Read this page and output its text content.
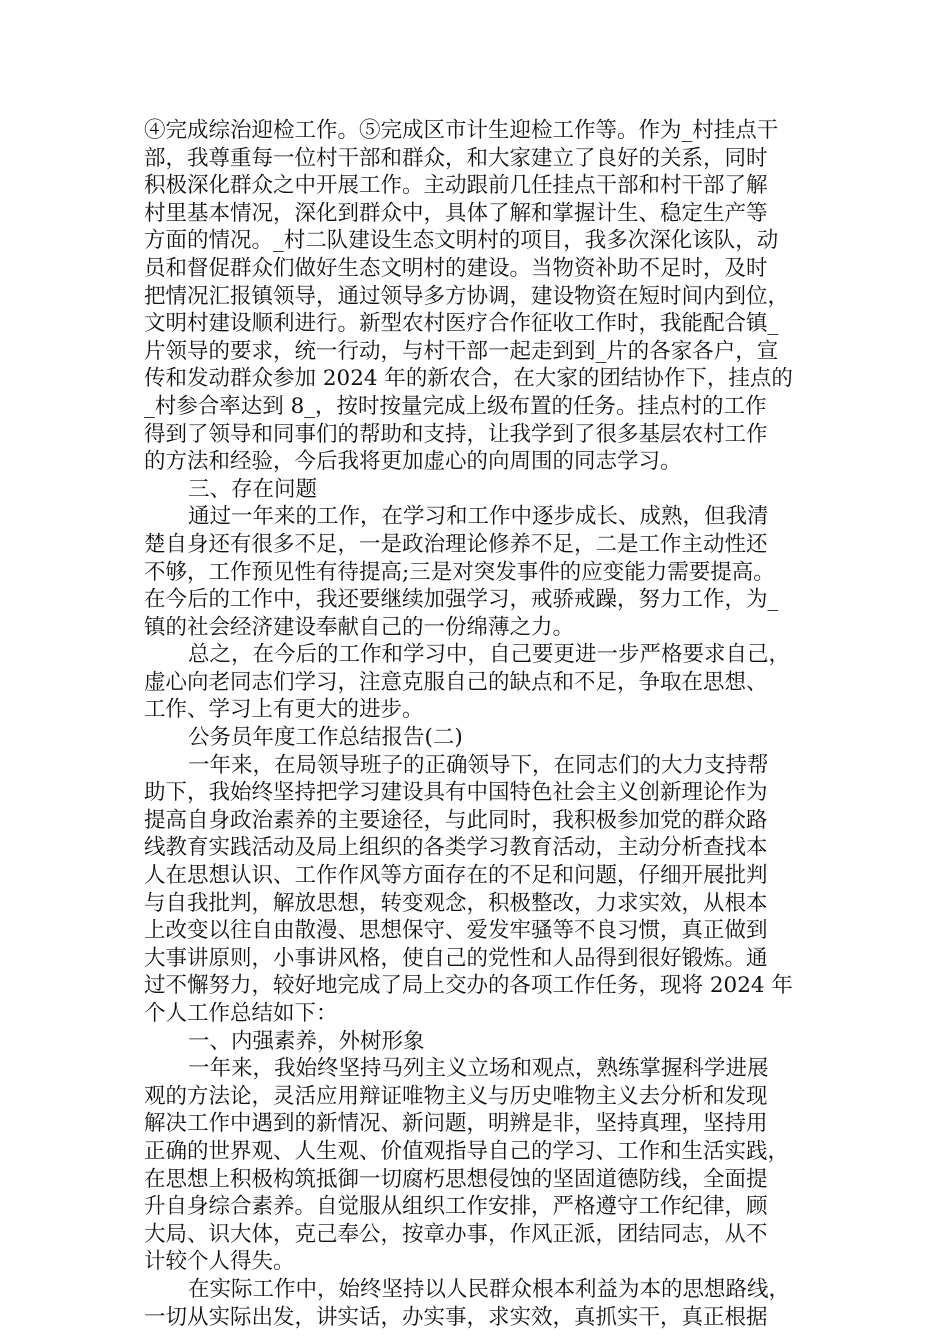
④完成综治迎检工作。⑤完成区市计生迎检工作等。作为_村挂点干
部，我尊重每一位村干部和群众，和大家建立了良好的关系，同时
积极深化群众之中开展工作。主动跟前几任挂点干部和村干部了解
村里基本情况，深化到群众中，具体了解和掌握计生、稳定生产等
方面的情况。_村二队建设生态文明村的项目，我多次深化该队，动
员和督促群众们做好生态文明村的建设。当物资补助不足时，及时
把情况汇报镇领导，通过领导多方协调，建设物资在短时间内到位，
文明村建设顺利进行。新型农村医疗合作征收工作时，我能配合镇_
片领导的要求，统一行动，与村干部一起走到到_片的各家各户，宣
传和发动群众参加 2024 年的新农合，在大家的团结协作下，挂点的
_村参合率达到 8_，按时按量完成上级布置的任务。挂点村的工作
得到了领导和同事们的帮助和支持，让我学到了很多基层农村工作
的方法和经验，今后我将更加虚心的向周围的同志学习。
三、存在问题
通过一年来的工作，在学习和工作中逐步成长、成熟，但我清
楚自身还有很多不足，一是政治理论修养不足，二是工作主动性还
不够，工作预见性有待提高;三是对突发事件的应变能力需要提高。
在今后的工作中，我还要继续加强学习，戒骄戒躁，努力工作，为_
镇的社会经济建设奉献自己的一份绵薄之力。
总之，在今后的工作和学习中，自己要更进一步严格要求自己，
虚心向老同志们学习，注意克服自己的缺点和不足，争取在思想、
工作、学习上有更大的进步。
公务员年度工作总结报告(二)
一年来，在局领导班子的正确领导下，在同志们的大力支持帮
助下，我始终坚持把学习建设具有中国特色社会主义创新理论作为
提高自身政治素养的主要途径，与此同时，我积极参加党的群众路
线教育实践活动及局上组织的各类学习教育活动，主动分析查找本
人在思想认识、工作作风等方面存在的不足和问题，仔细开展批判
与自我批判，解放思想，转变观念，积极整改，力求实效，从根本
上改变以往自由散漫、思想保守、爱发牢骚等不良习惯，真正做到
大事讲原则，小事讲风格，使自己的党性和人品得到很好锻炼。通
过不懈努力，较好地完成了局上交办的各项工作任务，现将 2024 年
个人工作总结如下：
一、内强素养，外树形象
一年来，我始终坚持马列主义立场和观点，熟练掌握科学进展
观的方法论，灵活应用辩证唯物主义与历史唯物主义去分析和发现
解决工作中遇到的新情况、新问题，明辨是非，坚持真理，坚持用
正确的世界观、人生观、价值观指导自己的学习、工作和生活实践，
在思想上积极构筑抵御一切腐朽思想侵蚀的坚固道德防线，全面提
升自身综合素养。自觉服从组织工作安排，严格遵守工作纪律，顾
大局、识大体，克己奉公，按章办事，作风正派，团结同志，从不
计较个人得失。
在实际工作中，始终坚持以人民群众根本利益为本的思想路线，
一切从实际出发，讲实话，办实事，求实效，真抓实干，真正根据
